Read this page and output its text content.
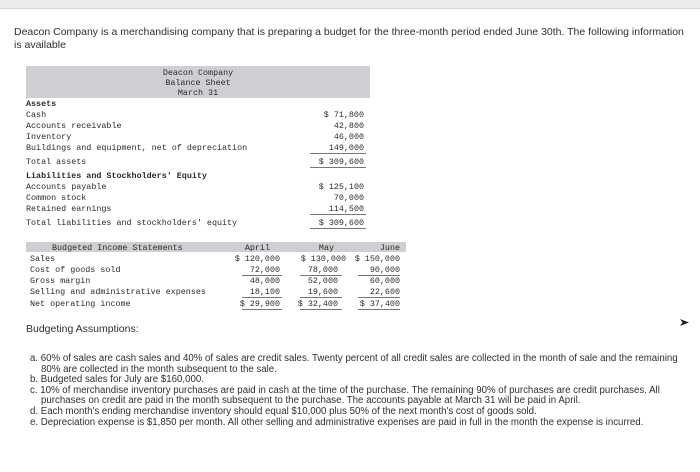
Deacon Company is a merchandising company that is preparing a budget for the three-month period ended June 30th. The following information is available

Deacon Company
Balance Sheet
March 31
Assets
Cash	$ 71,800
Accounts receivable	42,800
Inventory	46,000
Buildings and equipment, net of depreciation	149,000
Total assets	$ 309,600
Liabilities and Stockholders' Equity
Accounts payable	$ 125,100
Common stock	70,000
Retained earnings	114,500
Total liabilities and stockholders' equity	$ 309,600
Budgeted Income Statements	April	May	June
Sales	$ 120,000	$ 130,000	$ 150,000
Cost of goods sold	72,000	78,000	90,000
Gross margin	48,000	52,000	60,000
Selling and administrative expenses	18,100	19,600	22,600
Net operating income	$ 29,900	$ 32,400	$ 37,400
Budgeting Assumptions:

a. 60% of sales are cash sales and 40% of sales are credit sales. Twenty percent of all credit sales are collected in the month of sale and the remaining 80% are collected in the month subsequent to the sale.

b. Budgeted sales for July are $160,000.

c. 10% of merchandise inventory purchases are paid in cash at the time of the purchase. The remaining 90% of purchases are credit purchases. All purchases on credit are paid in the month subsequent to the purchase. The accounts payable at March 31 will be paid in April.

d. Each month's ending merchandise inventory should equal $10,000 plus 50% of the next month's cost of goods sold.

e. Depreciation expense is $1,850 per month. All other selling and administrative expenses are paid in full in the month the expense is incurred.
